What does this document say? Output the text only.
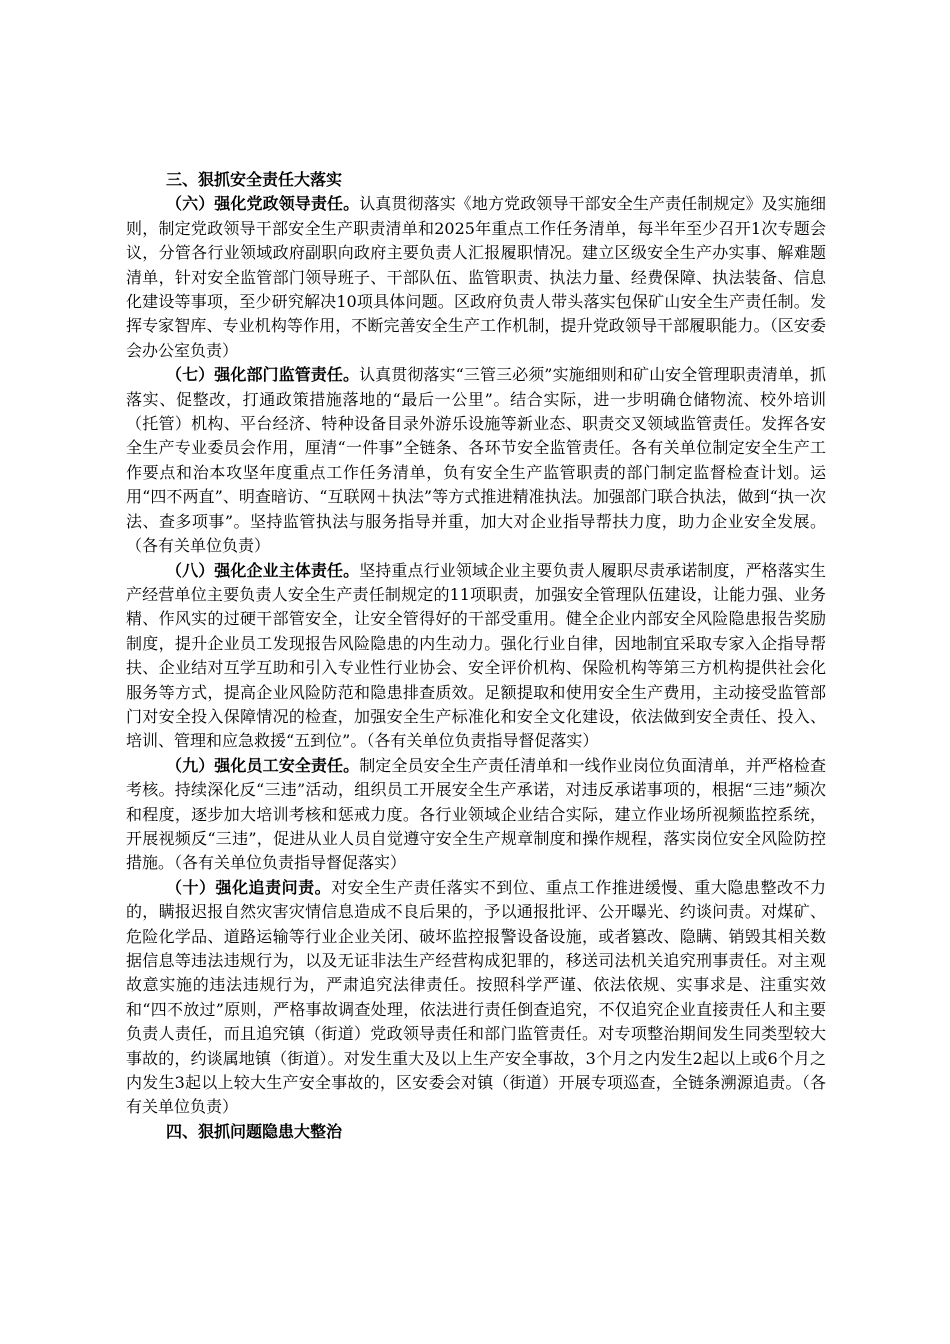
三、狠抓安全责任大落实

（六）强化党政领导责任。认真贯彻落实《地方党政领导干部安全生产责任制规定》及实施细则，制定党政领导干部安全生产职责清单和2025年重点工作任务清单，每半年至少召开1次专题会议，分管各行业领域政府副职向政府主要负责人汇报履职情况。建立区级安全生产办实事、解难题清单，针对安全监管部门领导班子、干部队伍、监管职责、执法力量、经费保障、执法装备、信息化建设等事项，至少研究解决10项具体问题。区政府负责人带头落实包保矿山安全生产责任制。发挥专家智库、专业机构等作用，不断完善安全生产工作机制，提升党政领导干部履职能力。（区安委会办公室负责）

（七）强化部门监管责任。认真贯彻落实“三管三必须”实施细则和矿山安全管理职责清单，抓落实、促整改，打通政策措施落地的“最后一公里”。结合实际，进一步明确仓储物流、校外培训（托管）机构、平台经济、特种设备目录外游乐设施等新业态、职责交叉领域监管责任。发挥各安全生产专业委员会作用，厘清“一件事”全链条、各环节安全监管责任。各有关单位制定安全生产工作要点和治本攻坚年度重点工作任务清单，负有安全生产监管职责的部门制定监督检查计划。运用“四不两直”、明查暗访、“互联网＋执法”等方式推进精准执法。加强部门联合执法，做到“执一次法、查多项事”。坚持监管执法与服务指导并重，加大对企业指导帮扶力度，助力企业安全发展。（各有关单位负责）

（八）强化企业主体责任。坚持重点行业领域企业主要负责人履职尽责承诺制度，严格落实生产经营单位主要负责人安全生产责任制规定的11项职责，加强安全管理队伍建设，让能力强、业务精、作风实的过硬干部管安全，让安全管得好的干部受重用。健全企业内部安全风险隐患报告奖励制度，提升企业员工发现报告风险隐患的内生动力。强化行业自律，因地制宜采取专家入企指导帮扶、企业结对互学互助和引入专业性行业协会、安全评价机构、保险机构等第三方机构提供社会化服务等方式，提高企业风险防范和隐患排查质效。足额提取和使用安全生产费用，主动接受监管部门对安全投入保障情况的检查，加强安全生产标准化和安全文化建设，依法做到安全责任、投入、培训、管理和应急救援“五到位”。（各有关单位负责指导督促落实）

（九）强化员工安全责任。制定全员安全生产责任清单和一线作业岗位负面清单，并严格检查考核。持续深化反“三违”活动，组织员工开展安全生产承诺，对违反承诺事项的，根据“三违”频次和程度，逐步加大培训考核和惩戒力度。各行业领域企业结合实际，建立作业场所视频监控系统，开展视频反“三违”，促进从业人员自觉遵守安全生产规章制度和操作规程，落实岗位安全风险防控措施。（各有关单位负责指导督促落实）

（十）强化追责问责。对安全生产责任落实不到位、重点工作推进缓慢、重大隐患整改不力的，瞒报迟报自然灾害灾情信息造成不良后果的，予以通报批评、公开曝光、约谈问责。对煤矿、危险化学品、道路运输等行业企业关闭、破坏监控报警设备设施，或者篡改、隐瞒、销毁其相关数据信息等违法违规行为，以及无证非法生产经营构成犯罪的，移送司法机关追究刑事责任。对主观故意实施的违法违规行为，严肃追究法律责任。按照科学严谨、依法依规、实事求是、注重实效和“四不放过”原则，严格事故调查处理，依法进行责任倒查追究，不仅追究企业直接责任人和主要负责人责任，而且追究镇（街道）党政领导责任和部门监管责任。对专项整治期间发生同类型较大事故的，约谈属地镇（街道）。对发生重大及以上生产安全事故，3个月之内发生2起以上或6个月之内发生3起以上较大生产安全事故的，区安委会对镇（街道）开展专项巡查，全链条溯源追责。（各有关单位负责）

四、狠抓问题隐患大整治
